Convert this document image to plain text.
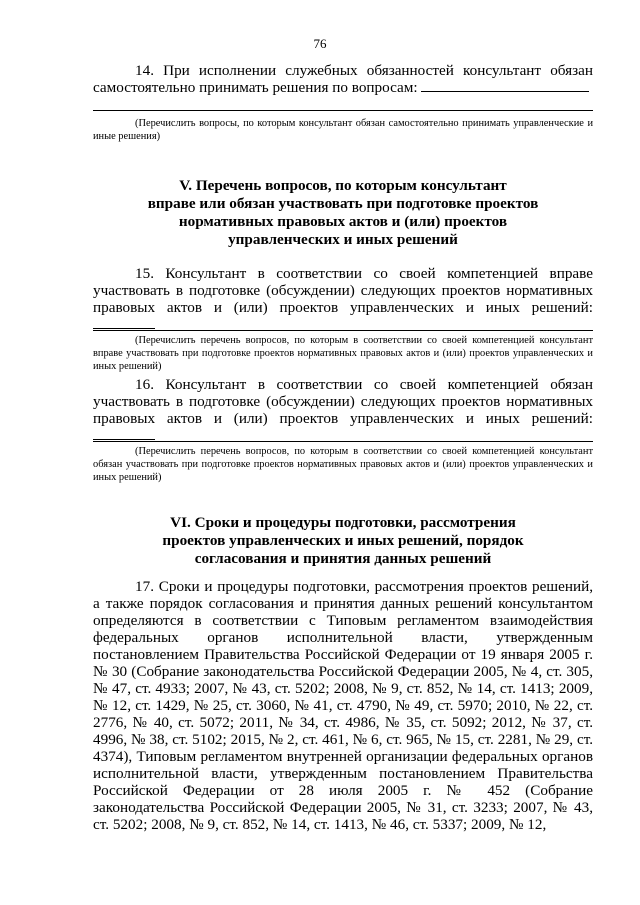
76
14. При исполнении служебных обязанностей консультант обязан самостоятельно принимать решения по вопросам:
(Перечислить вопросы, по которым консультант обязан самостоятельно принимать управленческие и иные решения)
V. Перечень вопросов, по которым консультант
вправе или обязан участвовать при подготовке проектов
нормативных правовых актов и (или) проектов
управленческих и иных решений
15. Консультант в соответствии со своей компетенцией вправе участвовать в подготовке (обсуждении) следующих проектов нормативных правовых актов и (или) проектов управленческих и иных решений:
(Перечислить перечень вопросов, по которым в соответствии со своей компетенцией консультант вправе участвовать при подготовке проектов нормативных правовых актов и (или) проектов управленческих и иных решений)
16. Консультант в соответствии со своей компетенцией обязан участвовать в подготовке (обсуждении) следующих проектов нормативных правовых актов и (или) проектов управленческих и иных решений:
(Перечислить перечень вопросов, по которым в соответствии со своей компетенцией консультант обязан участвовать при подготовке проектов нормативных правовых актов и (или) проектов управленческих и иных решений)
VI. Сроки и процедуры подготовки, рассмотрения
проектов управленческих и иных решений, порядок
согласования и принятия данных решений
17. Сроки и процедуры подготовки, рассмотрения проектов решений, а также порядок согласования и принятия данных решений консультантом определяются в соответствии с Типовым регламентом взаимодействия федеральных органов исполнительной власти, утвержденным постановлением Правительства Российской Федерации от 19 января 2005 г. № 30 (Собрание законодательства Российской Федерации 2005, № 4, ст. 305, № 47, ст. 4933; 2007, № 43, ст. 5202; 2008, № 9, ст. 852, № 14, ст. 1413; 2009, № 12, ст. 1429, № 25, ст. 3060, № 41, ст. 4790, № 49, ст. 5970; 2010, № 22, ст. 2776, № 40, ст. 5072; 2011, № 34, ст. 4986, № 35, ст. 5092; 2012, № 37, ст. 4996, № 38, ст. 5102; 2015, № 2, ст. 461, № 6, ст. 965, № 15, ст. 2281, № 29, ст. 4374), Типовым регламентом внутренней организации федеральных органов исполнительной власти, утвержденным постановлением Правительства Российской Федерации от 28 июля 2005 г. № 452 (Собрание законодательства Российской Федерации 2005, № 31, ст. 3233; 2007, № 43, ст. 5202; 2008, № 9, ст. 852, № 14, ст. 1413, № 46, ст. 5337; 2009, № 12,
